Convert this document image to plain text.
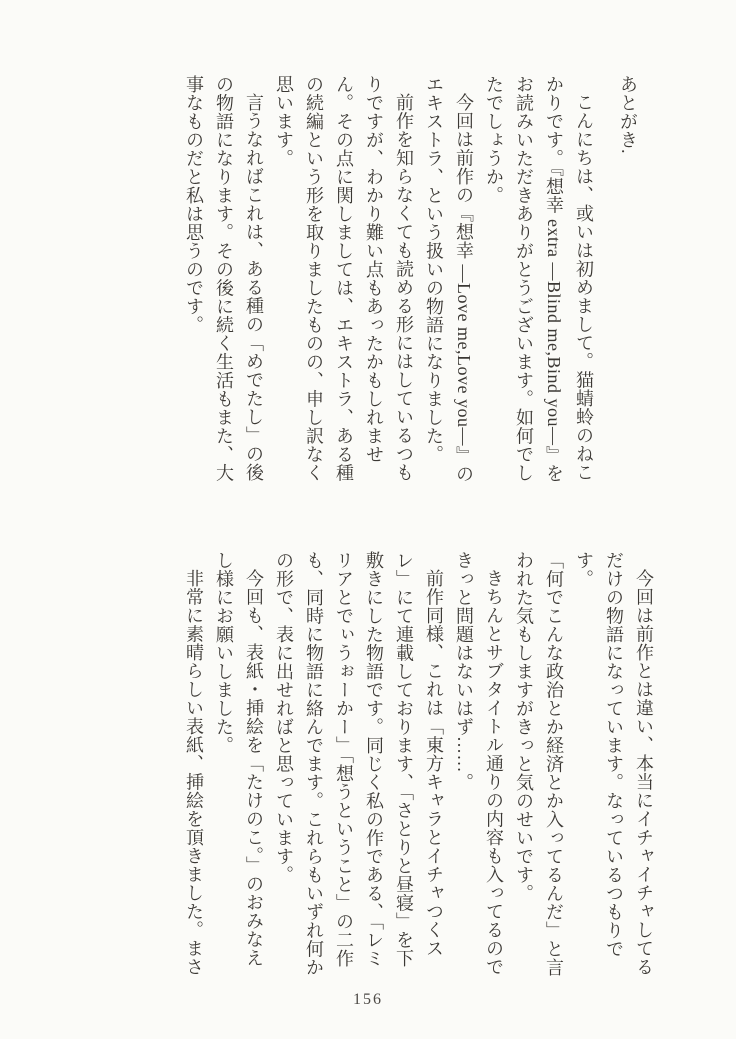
あとがき.

こんにちは、或いは初めまして。猫蜻蛉のねこかりです。『想幸 extra ―Blind me,Bind you―』をお読みいただきありがとうございます。如何でしたでしょうか。

今回は前作の『想幸 ―Love me,Love you―』のエキストラ、という扱いの物語になりました。

前作を知らなくても読める形にはしているつもりですが、わかり難い点もあったかもしれません。その点に関しましては、エキストラ、ある種の続編という形を取りましたものの、申し訳なく思います。

言うなればこれは、ある種の「めでたし」の後の物語になります。その後に続く生活もまた、大事なものだと私は思うのです。

今回は前作とは違い、本当にイチャイチャしてるだけの物語になっています。なっているつもりです。

「何でこんな政治とか経済とか入ってるんだ」と言われた気もしますがきっと気のせいです。

きちんとサブタイトル通りの内容も入ってるのできっと問題はないはず……。

前作同様、これは「東方キャラとイチャつくスレ」にて連載しております、「さとりと昼寝」を下敷きにした物語です。同じく私の作である、「レミリアとでぃうぉーかー」「想うということ」の二作も、同時に物語に絡んでます。これらもいずれ何かの形で、表に出せればと思っています。

今回も、表紙・挿絵を「たけのこ。」のおみなえし様にお願いしました。

非常に素晴らしい表紙、挿絵を頂きました。まさ

156
